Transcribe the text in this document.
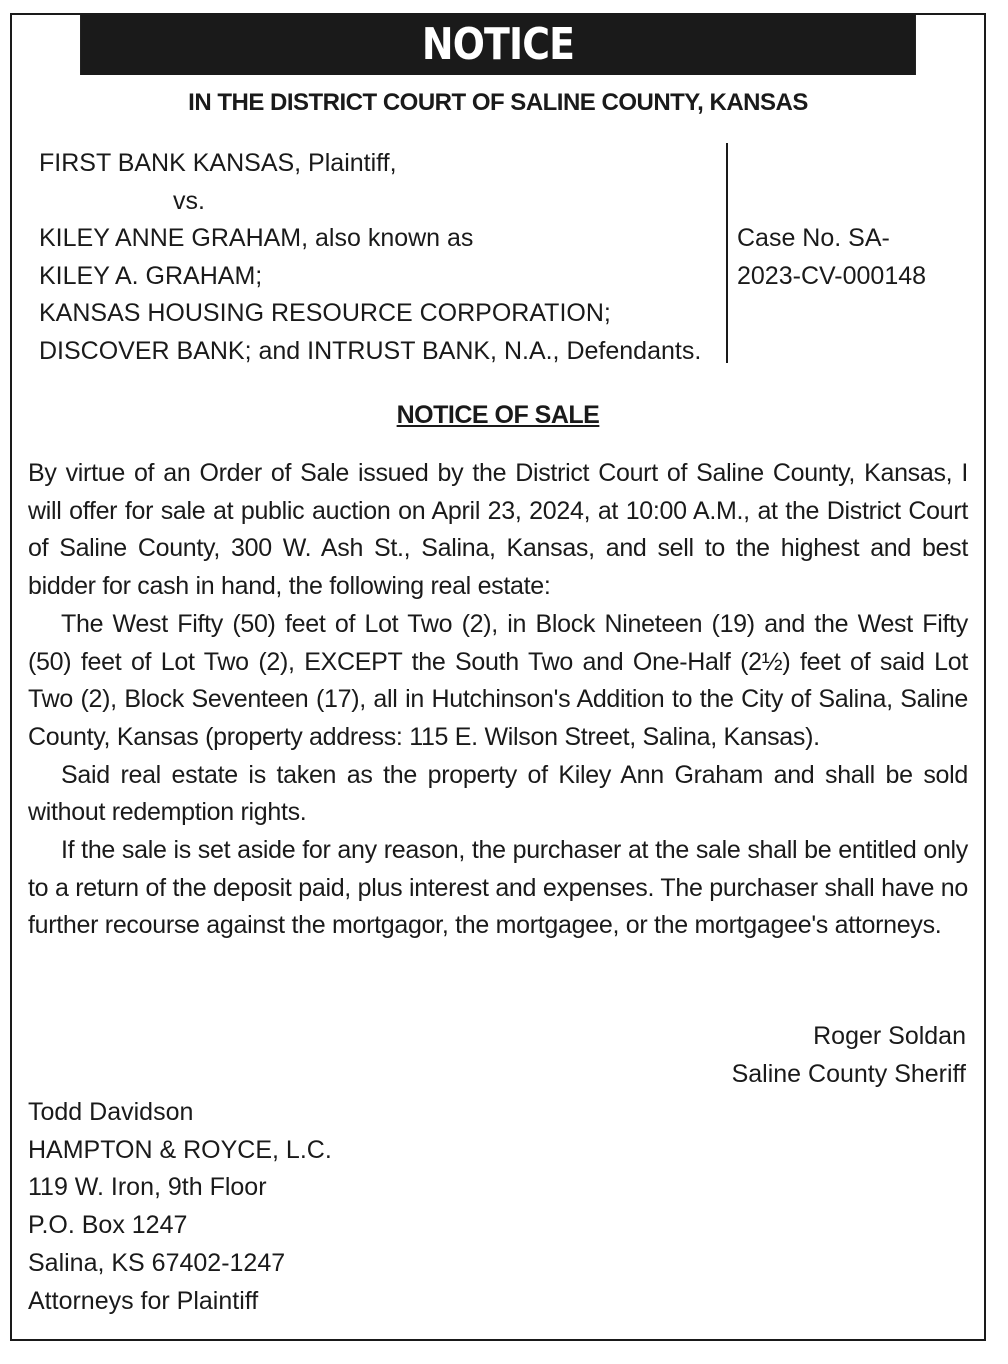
NOTICE
IN THE DISTRICT COURT OF SALINE COUNTY, KANSAS
FIRST BANK KANSAS, Plaintiff,
vs.
KILEY ANNE GRAHAM, also known as
KILEY A. GRAHAM;
KANSAS HOUSING RESOURCE CORPORATION;
DISCOVER BANK; and INTRUST BANK, N.A., Defendants.
Case No. SA-
2023-CV-000148
NOTICE OF SALE

By virtue of an Order of Sale issued by the District Court of Saline County, Kansas, I will offer for sale at public auction on April 23, 2024, at 10:00 A.M., at the District Court of Saline County, 300 W. Ash St., Salina, Kansas, and sell to the highest and best bidder for cash in hand, the following real estate:

The West Fifty (50) feet of Lot Two (2), in Block Nineteen (19) and the West Fifty (50) feet of Lot Two (2), EXCEPT the South Two and One-Half (2½) feet of said Lot Two (2), Block Seventeen (17), all in Hutchinson's Addition to the City of Salina, Saline County, Kansas (property address: 115 E. Wilson Street, Salina, Kansas).

Said real estate is taken as the property of Kiley Ann Graham and shall be sold without redemption rights.

If the sale is set aside for any reason, the purchaser at the sale shall be entitled only to a return of the deposit paid, plus interest and expenses. The purchaser shall have no further recourse against the mortgagor, the mortgagee, or the mortgagee's attorneys.

Roger Soldan
Saline County Sheriff
Todd Davidson
HAMPTON & ROYCE, L.C.
119 W. Iron, 9th Floor
P.O. Box 1247
Salina, KS 67402-1247
Attorneys for Plaintiff
